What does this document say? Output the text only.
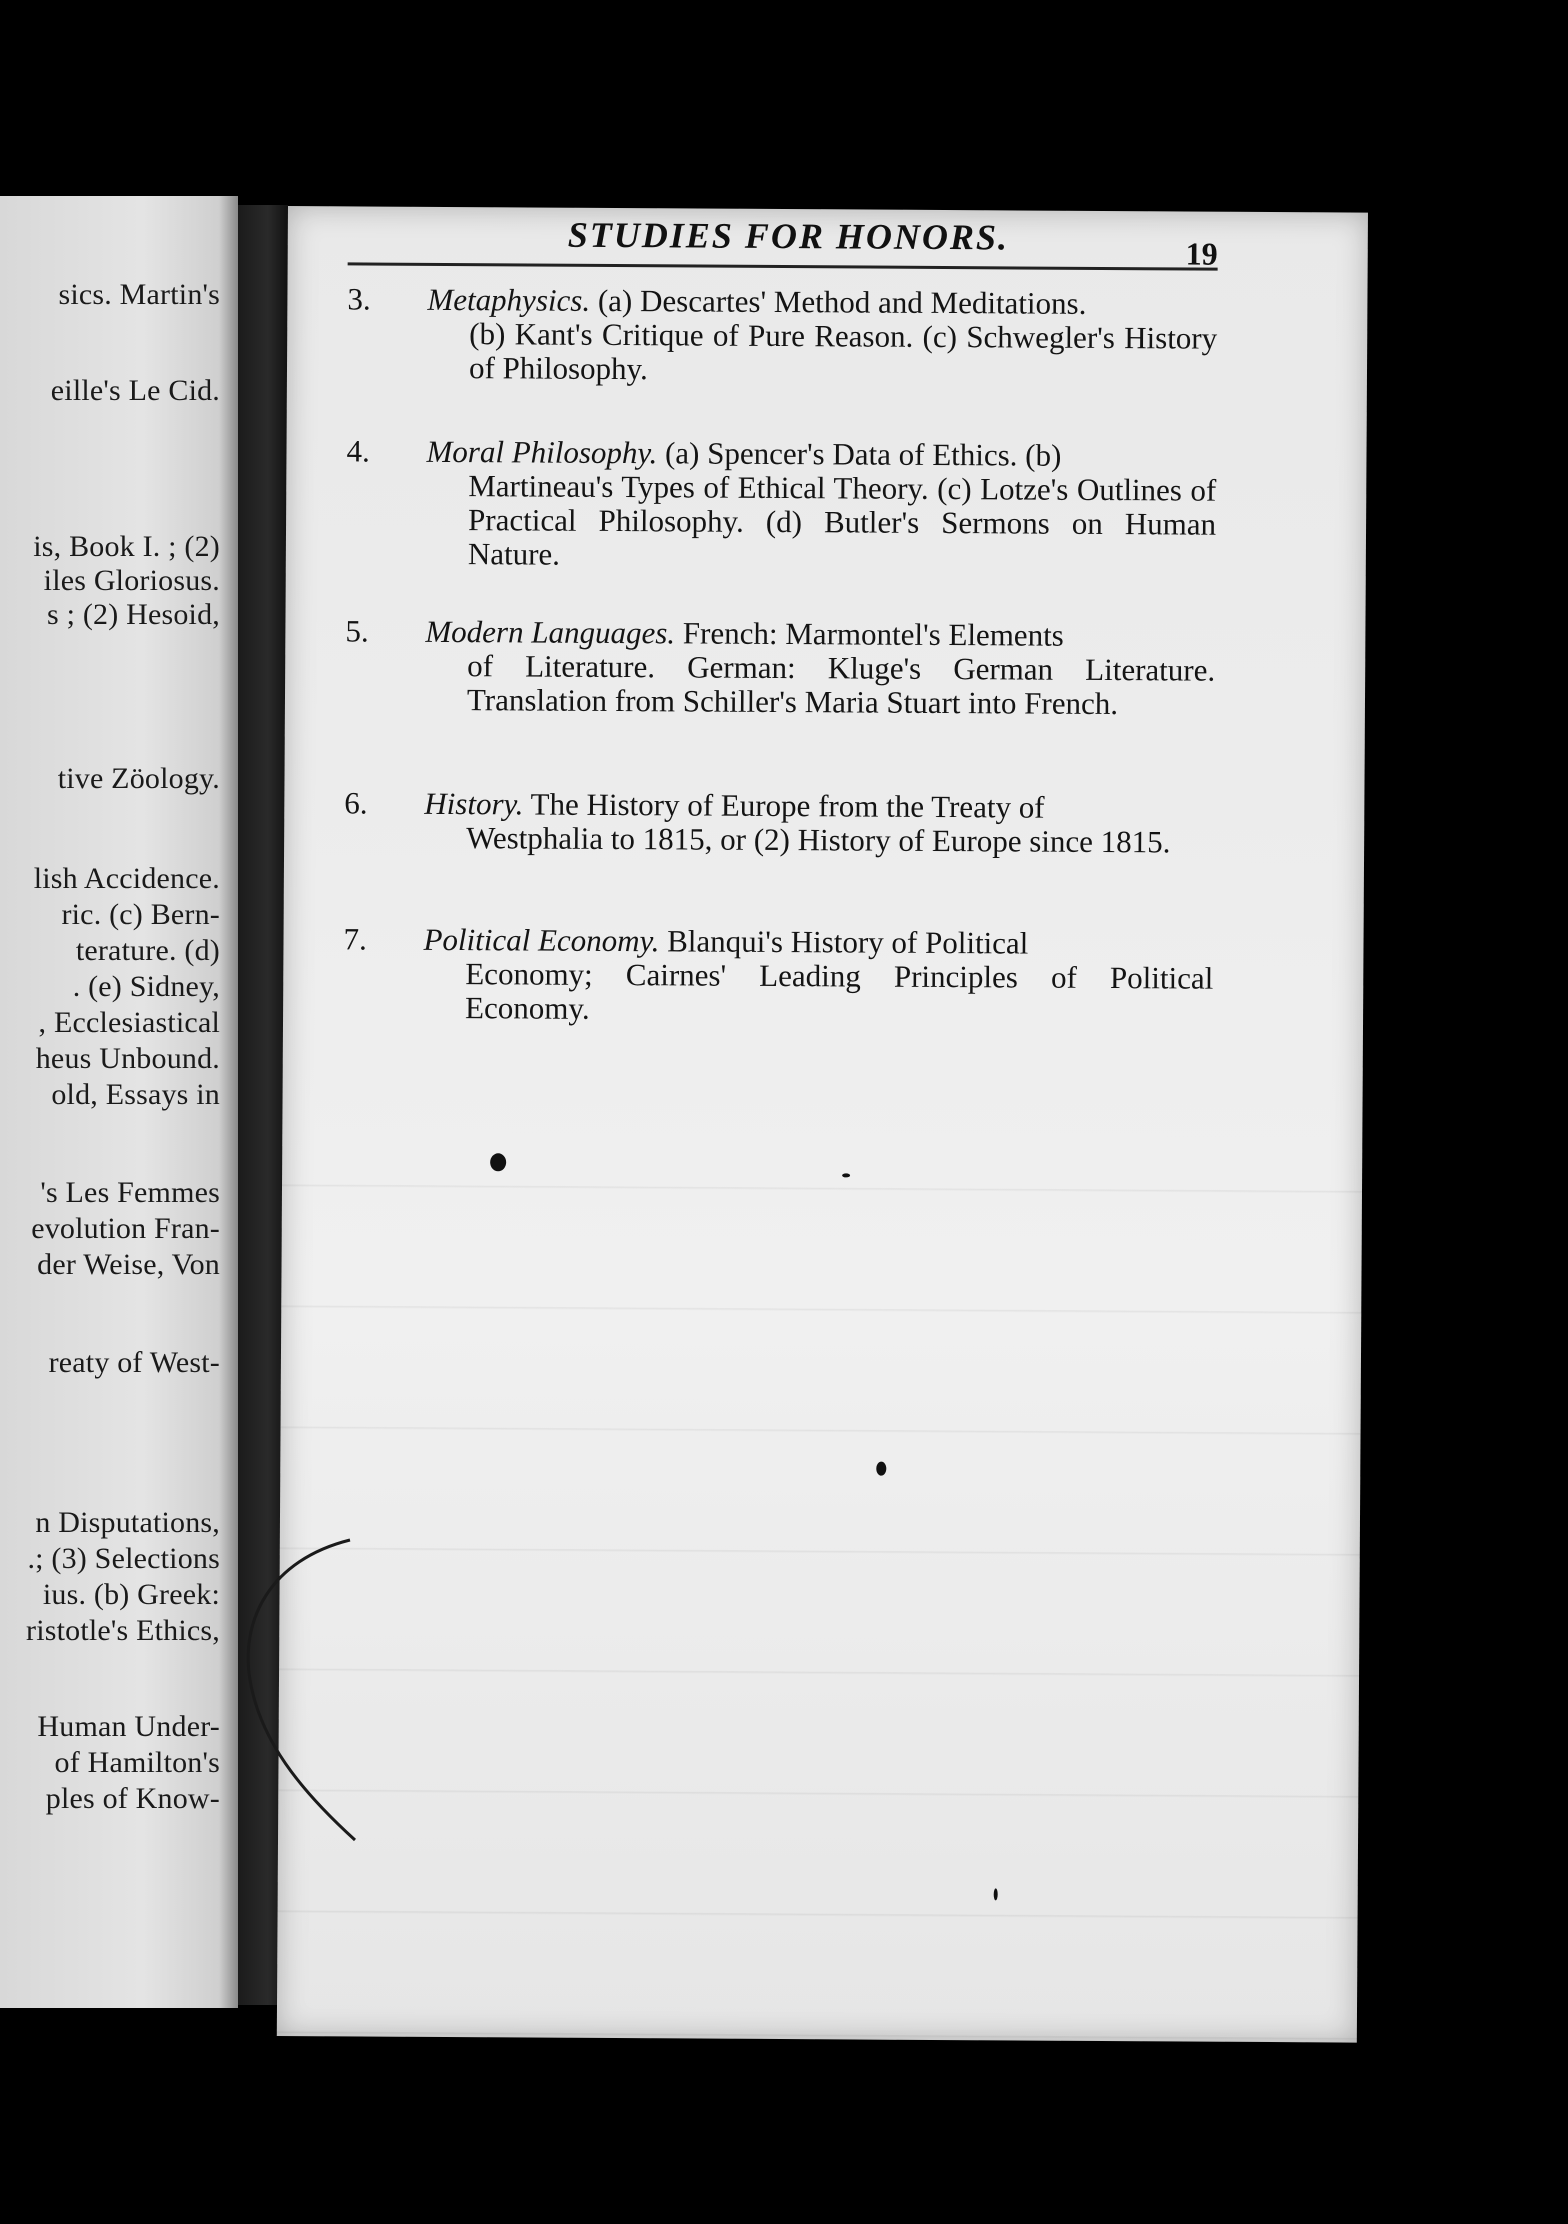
sics. Martin's
eille's Le Cid.
is, Book I. ; (2)
iles Gloriosus.
s ; (2) Hesoid,
tive Zöology.
lish Accidence.
ric. (c) Bern-
terature. (d)
. (e) Sidney,
, Ecclesiastical
heus Unbound.
old, Essays in
's Les Femmes
evolution Fran-
der Weise, Von
reaty of West-
n Disputations,
.; (3) Selections
ius. (b) Greek:
ristotle's Ethics,
Human Under-
of Hamilton's
ples of Know-
STUDIES FOR HONORS.	19
3.	Metaphysics. (a) Descartes' Method and Meditations.
(b) Kant's Critique of Pure Reason. (c) Schwegler's History of Philosophy.
4.	Moral Philosophy. (a) Spencer's Data of Ethics. (b)
Martineau's Types of Ethical Theory. (c) Lotze's Outlines of Practical Philosophy. (d) Butler's Sermons on Human Nature.
5.	Modern Languages. French: Marmontel's Elements
of Literature. German: Kluge's German Literature. Translation from Schiller's Maria Stuart into French.
6.	History. The History of Europe from the Treaty of
Westphalia to 1815, or (2) History of Europe since 1815.
7.	Political Economy. Blanqui's History of Political
Economy; Cairnes' Leading Principles of Political Economy.
